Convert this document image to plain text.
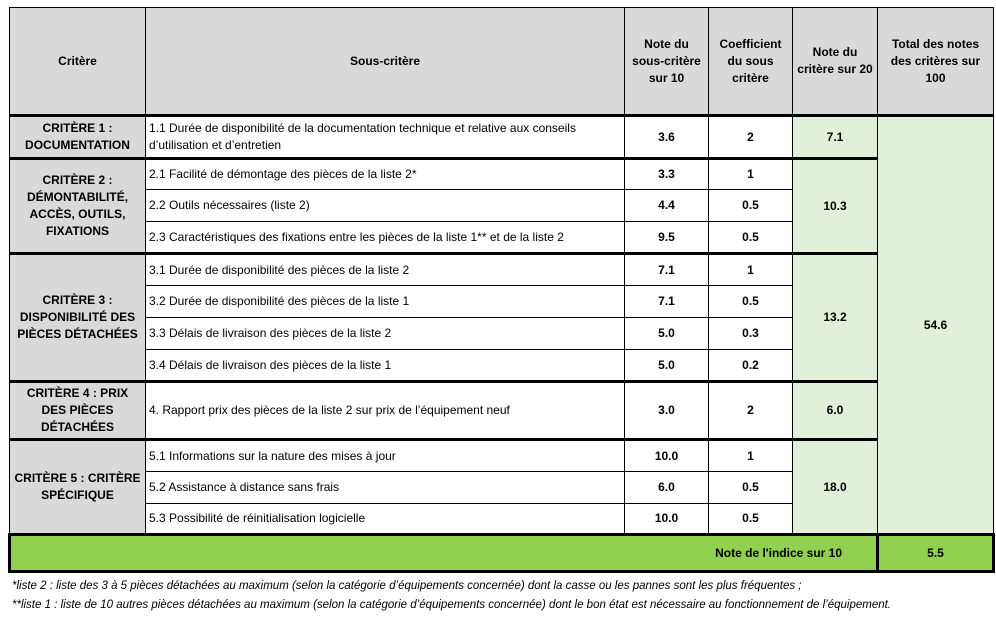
Critère	Sous-critère	Note du sous-critère sur 10	Coefficient du sous critère	Note du critère sur 20	Total des notes des critères sur 100
CRITÈRE 1 : DOCUMENTATION	1.1 Durée de disponibilité de la documentation technique et relative aux conseils d’utilisation et d’entretien	3.6	2	7.1	54.6
CRITÈRE 2 : DÉMONTABILITÉ, ACCÈS, OUTILS, FIXATIONS	2.1 Facilité de démontage des pièces de la liste 2*	3.3	1	10.3	
	2.2 Outils nécessaires (liste 2)	4.4	0.5		
	2.3 Caractéristiques des fixations entre les pièces de la liste 1** et de la liste 2	9.5	0.5		
CRITÈRE 3 : DISPONIBILITÉ DES PIÈCES DÉTACHÉES	3.1 Durée de disponibilité des pièces de la liste 2	7.1	1	13.2	
	3.2 Durée de disponibilité des pièces de la liste 1	7.1	0.5		
	3.3 Délais de livraison des pièces de la liste 2	5.0	0.3		
	3.4 Délais de livraison des pièces de la liste 1	5.0	0.2		
CRITÈRE 4 : PRIX DES PIÈCES DÉTACHÉES	4. Rapport prix des pièces de la liste 2 sur prix de l’équipement neuf	3.0	2	6.0	
CRITÈRE 5 : CRITÈRE SPÉCIFIQUE	5.1 Informations sur la nature des mises à jour	10.0	1	18.0	
	5.2 Assistance à distance sans frais	6.0	0.5		
	5.3 Possibilité de réinitialisation logicielle	10.0	0.5		
Note de l'indice sur 10					5.5
*liste 2 : liste des 3 à 5 pièces détachées au maximum (selon la catégorie d’équipements concernée) dont la casse ou les pannes sont les plus fréquentes ;
**liste 1 : liste de 10 autres pièces détachées au maximum (selon la catégorie d’équipements concernée) dont le bon état est nécessaire au fonctionnement de l’équipement.
